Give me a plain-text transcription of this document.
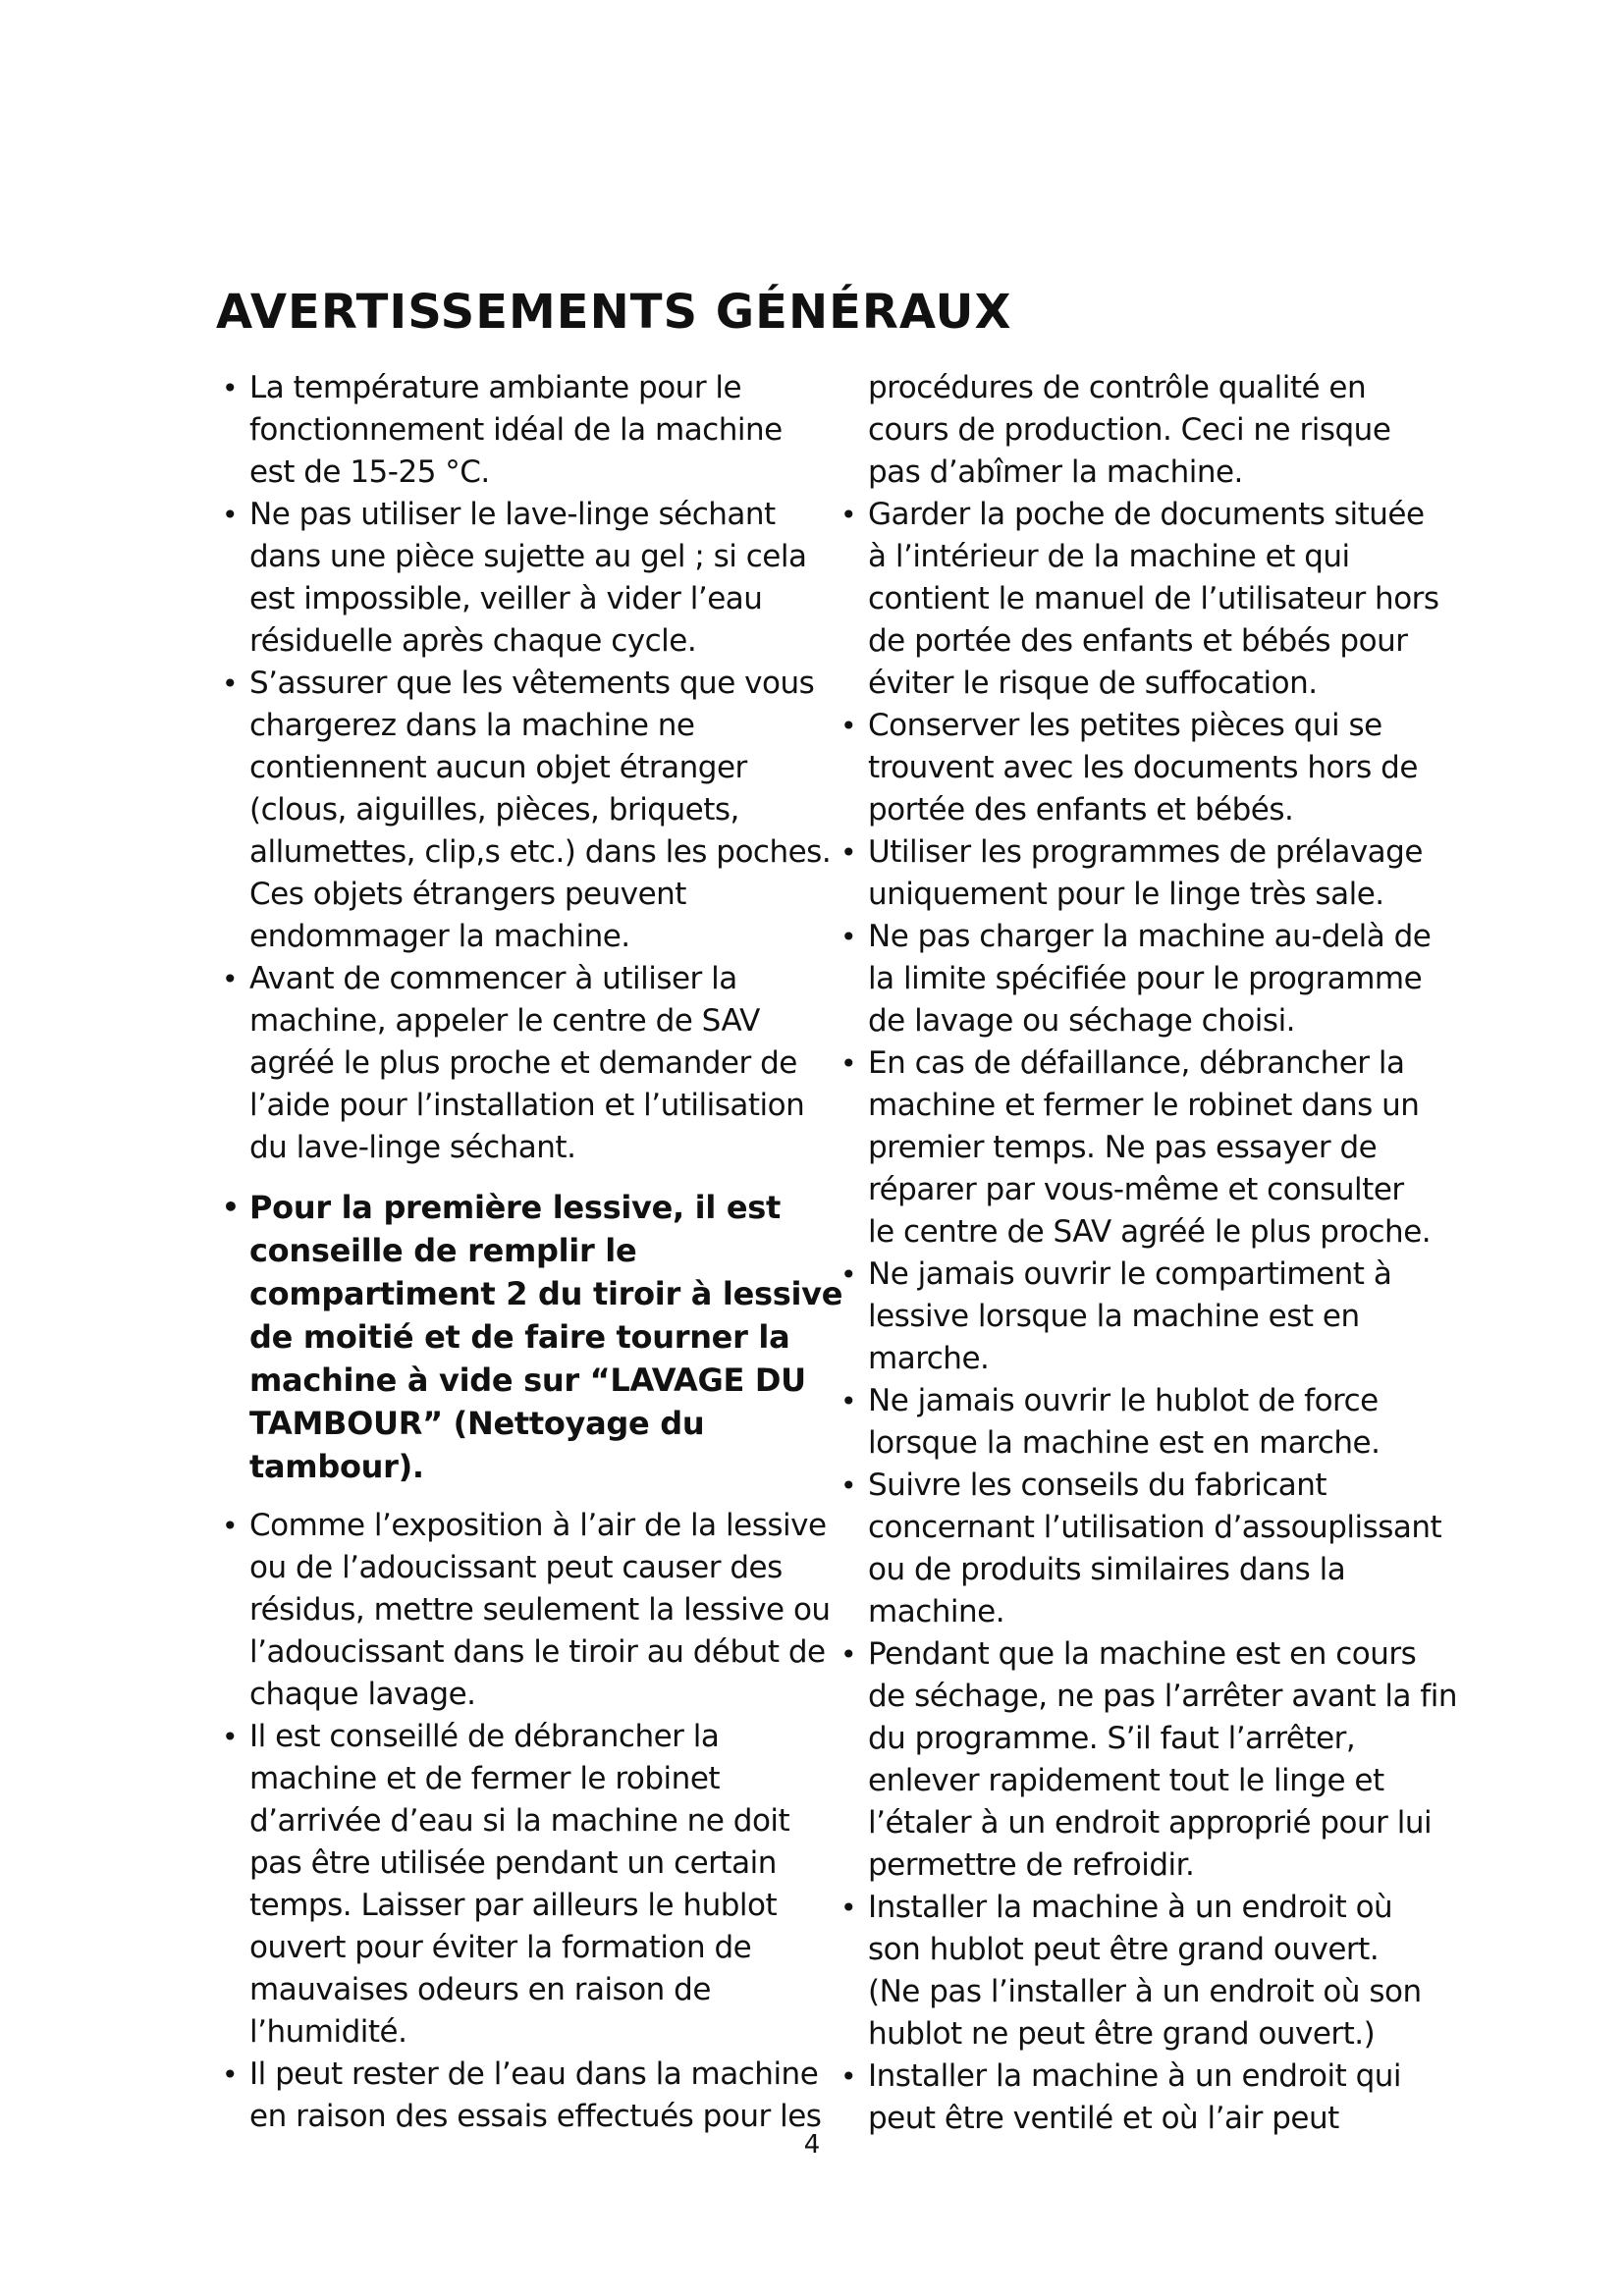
AVERTISSEMENTS GÉNÉRAUX
• La température ambiante pour le
fonctionnement idéal de la machine
est de 15-25 °C.
• Ne pas utiliser le lave-linge séchant
dans une pièce sujette au gel ; si cela
est impossible, veiller à vider l’eau
résiduelle après chaque cycle.
• S’assurer que les vêtements que vous
chargerez dans la machine ne
contiennent aucun objet étranger
(clous, aiguilles, pièces, briquets,
allumettes, clip,s etc.) dans les poches.
Ces objets étrangers peuvent
endommager la machine.
• Avant de commencer à utiliser la
machine, appeler le centre de SAV
agréé le plus proche et demander de
l’aide pour l’installation et l’utilisation
du lave-linge séchant.
• Pour la première lessive, il est
conseille de remplir le
compartiment 2 du tiroir à lessive
de moitié et de faire tourner la
machine à vide sur “LAVAGE DU
TAMBOUR” (Nettoyage du
tambour).
• Comme l’exposition à l’air de la lessive
ou de l’adoucissant peut causer des
résidus, mettre seulement la lessive ou
l’adoucissant dans le tiroir au début de
chaque lavage.
• Il est conseillé de débrancher la
machine et de fermer le robinet
d’arrivée d’eau si la machine ne doit
pas être utilisée pendant un certain
temps. Laisser par ailleurs le hublot
ouvert pour éviter la formation de
mauvaises odeurs en raison de
l’humidité.
• Il peut rester de l’eau dans la machine
en raison des essais effectués pour les
procédures de contrôle qualité en
cours de production. Ceci ne risque
pas d’abîmer la machine.
• Garder la poche de documents située
à l’intérieur de la machine et qui
contient le manuel de l’utilisateur hors
de portée des enfants et bébés pour
éviter le risque de suffocation.
• Conserver les petites pièces qui se
trouvent avec les documents hors de
portée des enfants et bébés.
• Utiliser les programmes de prélavage
uniquement pour le linge très sale.
• Ne pas charger la machine au-delà de
la limite spécifiée pour le programme
de lavage ou séchage choisi.
• En cas de défaillance, débrancher la
machine et fermer le robinet dans un
premier temps. Ne pas essayer de
réparer par vous-même et consulter
le centre de SAV agréé le plus proche.
• Ne jamais ouvrir le compartiment à
lessive lorsque la machine est en
marche.
• Ne jamais ouvrir le hublot de force
lorsque la machine est en marche.
• Suivre les conseils du fabricant
concernant l’utilisation d’assouplissant
ou de produits similaires dans la
machine.
• Pendant que la machine est en cours
de séchage, ne pas l’arrêter avant la fin
du programme. S’il faut l’arrêter,
enlever rapidement tout le linge et
l’étaler à un endroit approprié pour lui
permettre de refroidir.
• Installer la machine à un endroit où
son hublot peut être grand ouvert.
(Ne pas l’installer à un endroit où son
hublot ne peut être grand ouvert.)
• Installer la machine à un endroit qui
peut être ventilé et où l’air peut
4
